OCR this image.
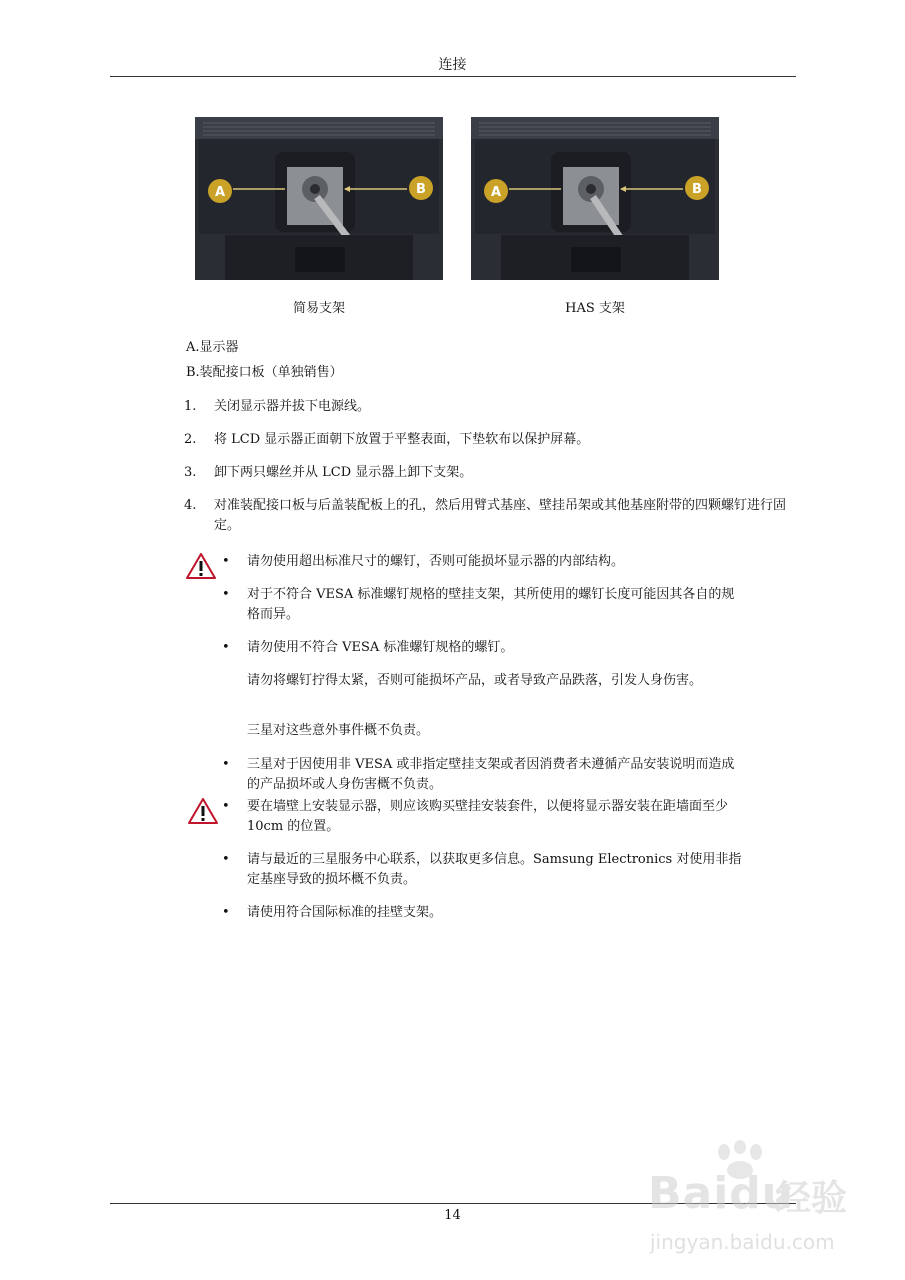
连接
A	B
简易支架
A	B
HAS 支架
A.显示器
B.装配接口板（单独销售）
1. 关闭显示器并拔下电源线。
2. 将 LCD 显示器正面朝下放置于平整表面，下垫软布以保护屏幕。
3. 卸下两只螺丝并从 LCD 显示器上卸下支架。
4. 对准装配接口板与后盖装配板上的孔，然后用臂式基座、壁挂吊架或其他基座附带的四颗螺钉进行固定。
• 请勿使用超出标准尺寸的螺钉，否则可能损坏显示器的内部结构。
• 对于不符合 VESA 标准螺钉规格的壁挂支架，其所使用的螺钉长度可能因其各自的规格而异。
• 请勿使用不符合 VESA 标准螺钉规格的螺钉。
请勿将螺钉拧得太紧，否则可能损坏产品，或者导致产品跌落，引发人身伤害。
三星对这些意外事件概不负责。
• 三星对于因使用非 VESA 或非指定壁挂支架或者因消费者未遵循产品安装说明而造成的产品损坏或人身伤害概不负责。
• 要在墙壁上安装显示器，则应该购买壁挂安装套件，以便将显示器安装在距墙面至少 10cm 的位置。
• 请与最近的三星服务中心联系，以获取更多信息。Samsung Electronics 对使用非指定基座导致的损坏概不负责。
• 请使用符合国际标准的挂壁支架。
14	Baidu
经验
jingyan.baidu.com
